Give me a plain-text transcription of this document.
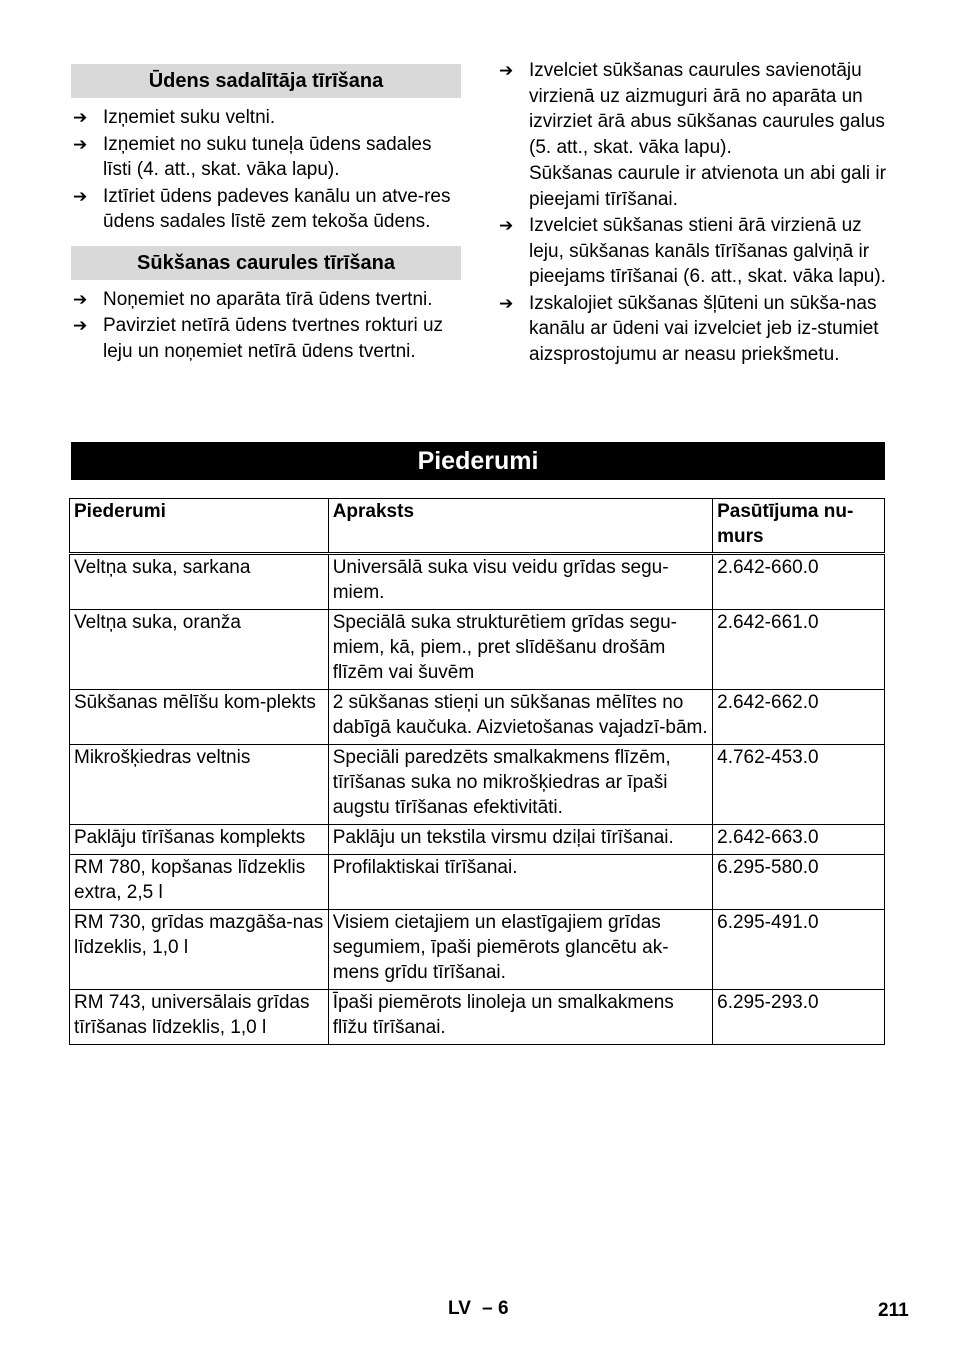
Ūdens sadalītāja tīrīšana
➔ Izņemiet suku veltni.
➔ Izņemiet no suku tuneļa ūdens sadales līsti (4. att., skat. vāka lapu).
➔ Iztīriet ūdens padeves kanālu un atve-res ūdens sadales līstē zem tekoša ūdens.
Sūkšanas caurules tīrīšana
➔ Noņemiet no aparāta tīrā ūdens tvertni.
➔ Pavirziet netīrā ūdens tvertnes rokturi uz leju un noņemiet netīrā ūdens tvertni.
➔ Izvelciet sūkšanas caurules savienotāju virzienā uz aizmuguri ārā no aparāta un izvirziet ārā abus sūkšanas caurules galus (5. att., skat. vāka lapu).

Sūkšanas caurule ir atvienota un abi gali ir pieejami tīrīšanai.

➔ Izvelciet sūkšanas stieni ārā virzienā uz leju, sūkšanas kanāls tīrīšanas galviņā ir pieejams tīrīšanai (6. att., skat. vāka lapu).
➔ Izskalojiet sūkšanas šļūteni un sūkša-nas kanālu ar ūdeni vai izvelciet jeb iz-stumiet aizsprostojumu ar neasu priekšmetu.
Piederumi
Piederumi	Apraksts	Pasūtījuma nu-murs
Veltņa suka, sarkana	Universālā suka visu veidu grīdas segu-miem.	2.642-660.0
Veltņa suka, oranža	Speciālā suka strukturētiem grīdas segu-miem, kā, piem., pret slīdēšanu drošām flīzēm vai šuvēm	2.642-661.0
Sūkšanas mēlīšu kom-plekts	2 sūkšanas stieņi un sūkšanas mēlītes no dabīgā kaučuka. Aizvietošanas vajadzī-bām.	2.642-662.0
Mikrošķiedras veltnis	Speciāli paredzēts smalkakmens flīzēm, tīrīšanas suka no mikrošķiedras ar īpaši augstu tīrīšanas efektivitāti.	4.762-453.0
Paklāju tīrīšanas komplekts	Paklāju un tekstila virsmu dziļai tīrīšanai.	2.642-663.0
RM 780, kopšanas līdzeklis extra, 2,5 l	Profilaktiskai tīrīšanai.	6.295-580.0
RM 730, grīdas mazgāša-nas līdzeklis, 1,0 l	Visiem cietajiem un elastīgajiem grīdas segumiem, īpaši piemērots glancētu ak-mens grīdu tīrīšanai.	6.295-491.0
RM 743, universālais grīdas tīrīšanas līdzeklis, 1,0 l	Īpaši piemērots linoleja un smalkakmens flīžu tīrīšanai.	6.295-293.0
LV – 6	211
